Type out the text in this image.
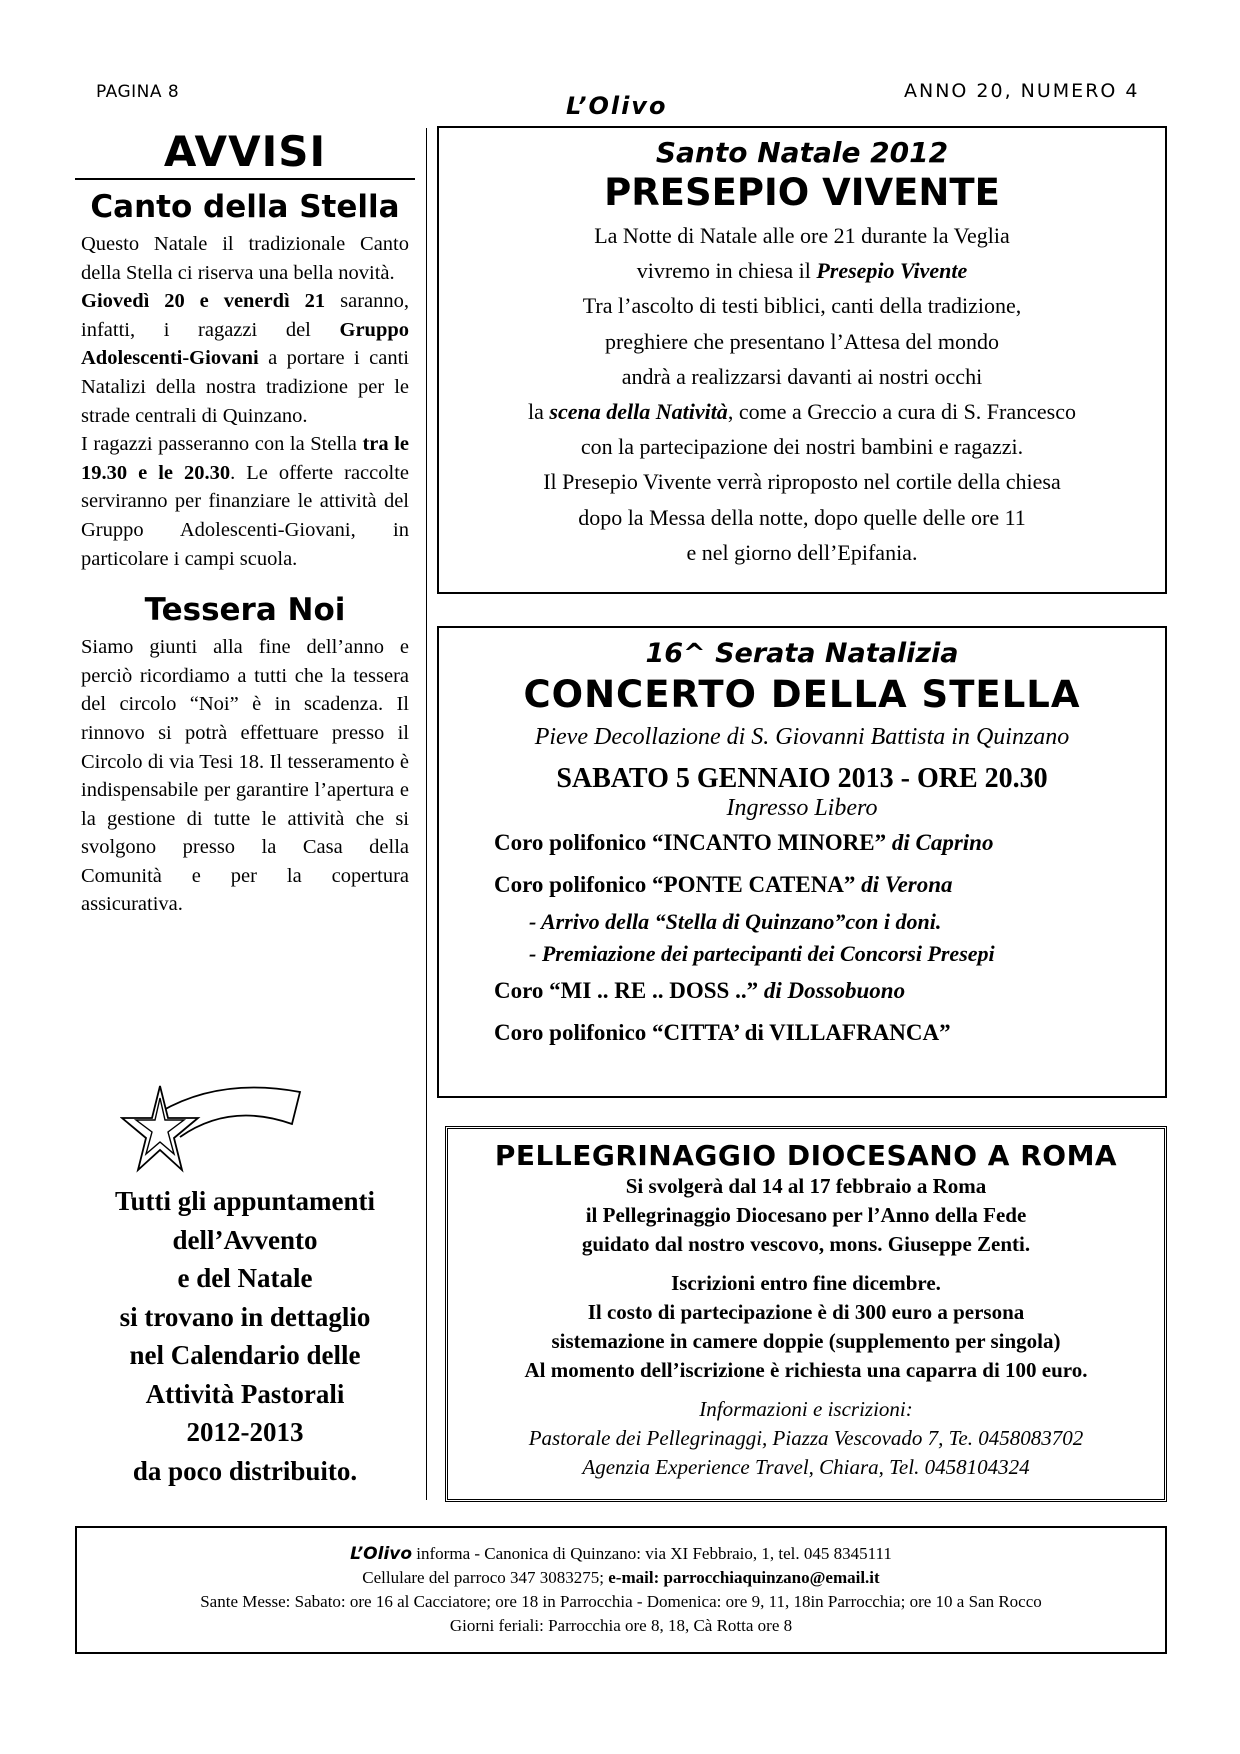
PAGINA 8	L’Olivo
ANNO 20, NUMERO 4
AVVISI
Canto della Stella
Questo Natale il tradizionale Canto della Stella ci riserva una bella novità.
Giovedì 20 e venerdì 21 saranno, infatti, i ragazzi del Gruppo Adolescenti-Giovani a portare i canti Natalizi della nostra tradizione per le strade centrali di Quinzano.
I ragazzi passeranno con la Stella tra le 19.30 e le 20.30. Le offerte raccolte serviranno per finanziare le attività del Gruppo Adolescenti-Giovani, in particolare i campi scuola.
Tessera Noi
Siamo giunti alla fine dell’anno e perciò ricordiamo a tutti che la tessera del circolo “Noi” è in scadenza. Il rinnovo si potrà effettuare presso il Circolo di via Tesi 18. Il tesseramento è indispensabile per garantire l’apertura e la gestione di tutte le attività che si svolgono presso la Casa della Comunità e per la copertura assicurativa.
Tutti gli appuntamenti
dell’Avvento
e del Natale
si trovano in dettaglio
nel Calendario delle
Attività Pastorali
2012-2013
da poco distribuito.
Santo Natale 2012
PRESEPIO VIVENTE
La Notte di Natale alle ore 21 durante la Veglia
vivremo in chiesa il Presepio Vivente
Tra l’ascolto di testi biblici, canti della tradizione,
preghiere che presentano l’Attesa del mondo
andrà a realizzarsi davanti ai nostri occhi
la scena della Natività, come a Greccio a cura di S. Francesco
con la partecipazione dei nostri bambini e ragazzi.
Il Presepio Vivente verrà riproposto nel cortile della chiesa
dopo la Messa della notte, dopo quelle delle ore 11
e nel giorno dell’Epifania.
16^ Serata Natalizia
CONCERTO DELLA STELLA
Pieve Decollazione di S. Giovanni Battista in Quinzano
SABATO 5 GENNAIO 2013 - ORE 20.30
Ingresso Libero
Coro polifonico “INCANTO MINORE” di Caprino
Coro polifonico “PONTE CATENA” di Verona
- Arrivo della “Stella di Quinzano”con i doni.
- Premiazione dei partecipanti dei Concorsi Presepi
Coro “MI .. RE .. DOSS ..” di Dossobuono
Coro polifonico “CITTA’ di VILLAFRANCA”
PELLEGRINAGGIO DIOCESANO A ROMA
Si svolgerà dal 14 al 17 febbraio a Roma
il Pellegrinaggio Diocesano per l’Anno della Fede
guidato dal nostro vescovo, mons. Giuseppe Zenti.
Iscrizioni entro fine dicembre.
Il costo di partecipazione è di 300 euro a persona
sistemazione in camere doppie (supplemento per singola)
Al momento dell’iscrizione è richiesta una caparra di 100 euro.
Informazioni e iscrizioni:
Pastorale dei Pellegrinaggi, Piazza Vescovado 7, Te. 0458083702
Agenzia Experience Travel, Chiara, Tel. 0458104324
L’Olivo informa - Canonica di Quinzano: via XI Febbraio, 1, tel. 045 8345111
Cellulare del parroco 347 3083275; e-mail: parrocchiaquinzano@email.it
Sante Messe: Sabato: ore 16 al Cacciatore; ore 18 in Parrocchia - Domenica: ore 9, 11, 18in Parrocchia; ore 10 a San Rocco
Giorni feriali: Parrocchia ore 8, 18, Cà Rotta ore 8
